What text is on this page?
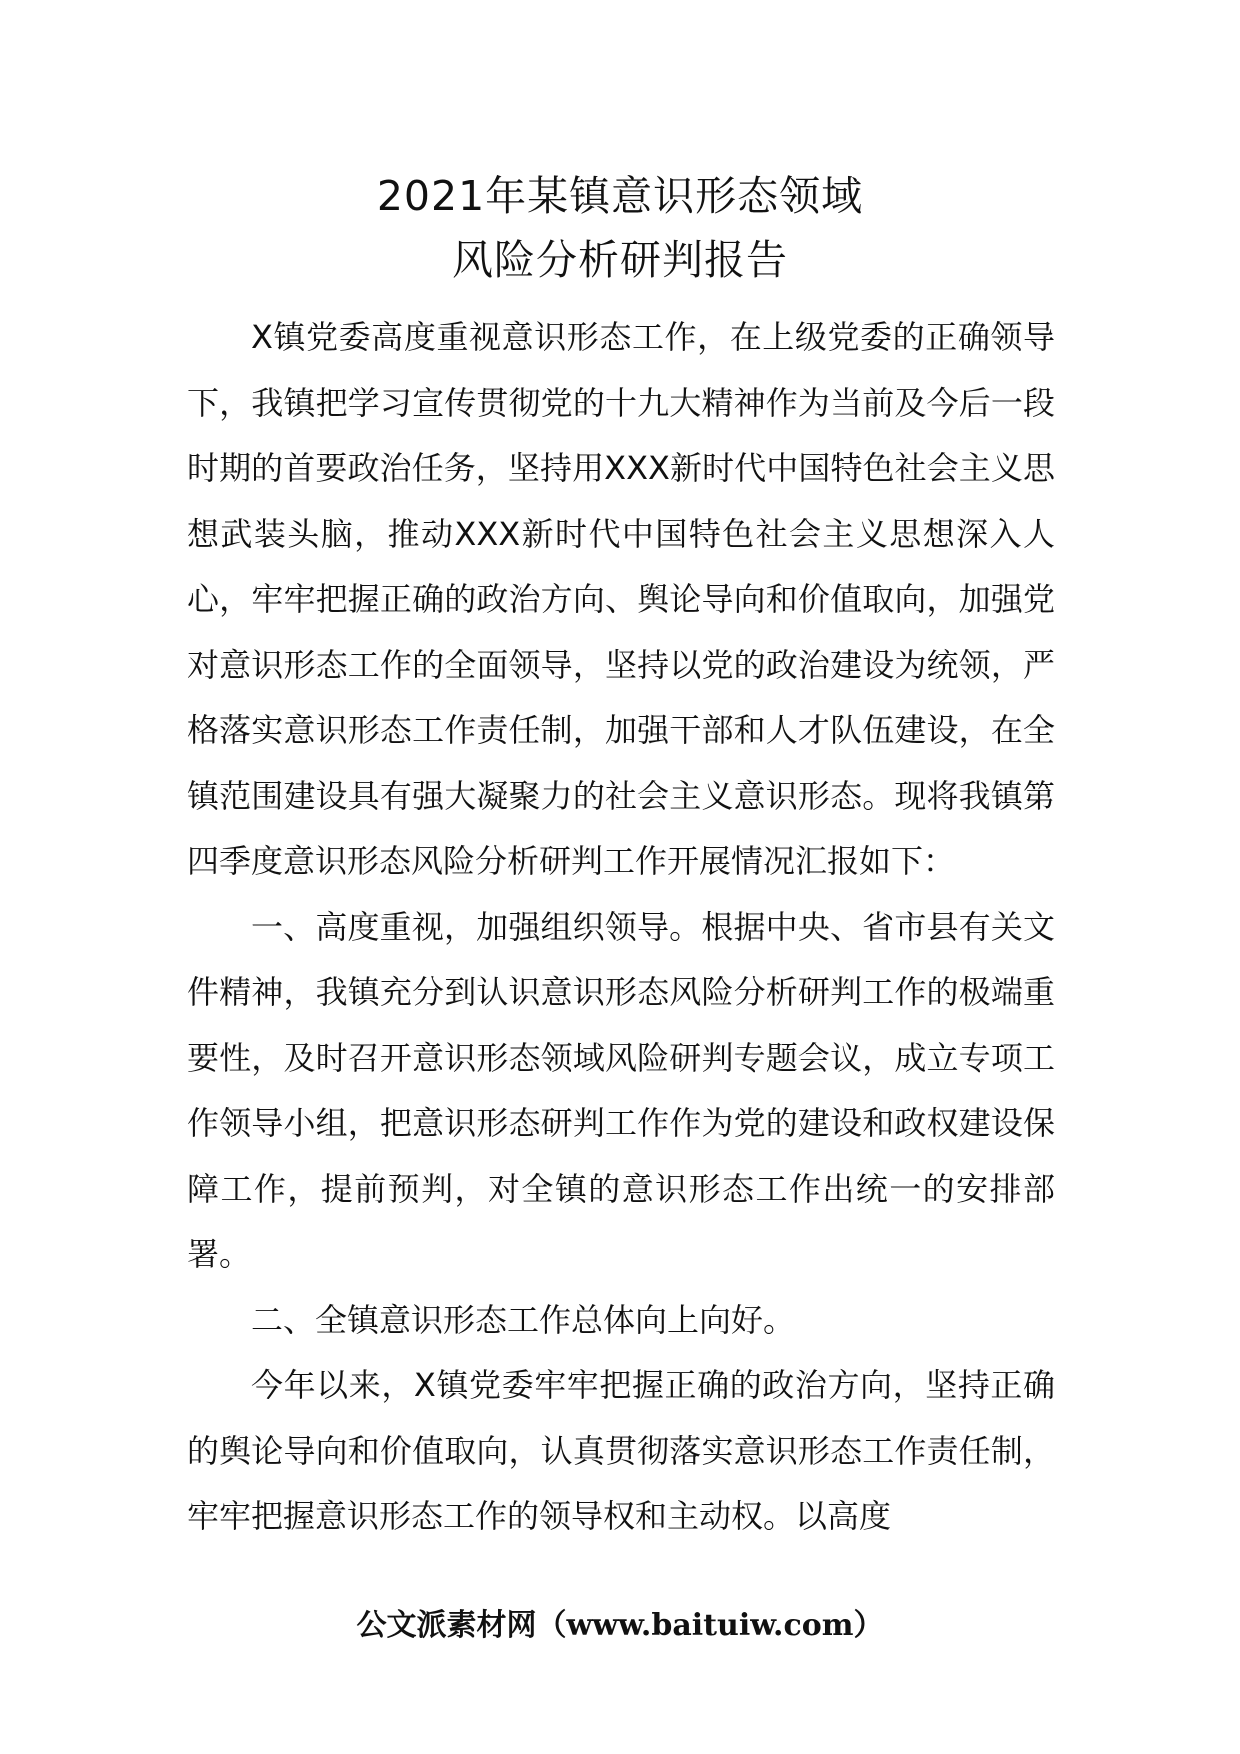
2021年某镇意识形态领域
风险分析研判报告

X镇党委高度重视意识形态工作，在上级党委的正确领导下，我镇把学习宣传贯彻党的十九大精神作为当前及今后一段时期的首要政治任务，坚持用XXX新时代中国特色社会主义思想武装头脑，推动XXX新时代中国特色社会主义思想深入人心，牢牢把握正确的政治方向、舆论导向和价值取向，加强党对意识形态工作的全面领导，坚持以党的政治建设为统领，严格落实意识形态工作责任制，加强干部和人才队伍建设，在全镇范围建设具有强大凝聚力的社会主义意识形态。现将我镇第四季度意识形态风险分析研判工作开展情况汇报如下：

一、高度重视，加强组织领导。根据中央、省市县有关文件精神，我镇充分到认识意识形态风险分析研判工作的极端重要性，及时召开意识形态领域风险研判专题会议，成立专项工作领导小组，把意识形态研判工作作为党的建设和政权建设保障工作，提前预判，对全镇的意识形态工作出统一的安排部署。

二、全镇意识形态工作总体向上向好。

今年以来，X镇党委牢牢把握正确的政治方向，坚持正确的舆论导向和价值取向，认真贯彻落实意识形态工作责任制，牢牢把握意识形态工作的领导权和主动权。以高度

公文派素材网（www.baituiw.com）
